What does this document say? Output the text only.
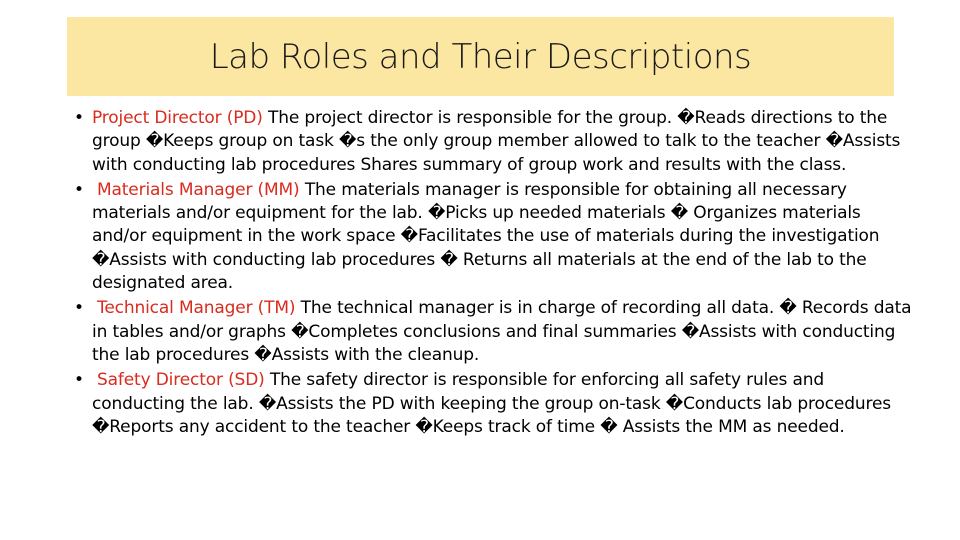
Lab Roles and Their Descriptions
• Project Director (PD) The project director is responsible for the group. �Reads directions to the group �Keeps group on task �s the only group member allowed to talk to the teacher �Assists with conducting lab procedures Shares summary of group work and results with the class.
• Materials Manager (MM) The materials manager is responsible for obtaining all necessary materials and/or equipment for the lab. �Picks up needed materials � Organizes materials and/or equipment in the work space �Facilitates the use of materials during the investigation �Assists with conducting lab procedures � Returns all materials at the end of the lab to the designated area.
• Technical Manager (TM) The technical manager is in charge of recording all data. � Records data in tables and/or graphs �Completes conclusions and final summaries �Assists with conducting the lab procedures �Assists with the cleanup.
• Safety Director (SD) The safety director is responsible for enforcing all safety rules and conducting the lab. �Assists the PD with keeping the group on-task �Conducts lab procedures �Reports any accident to the teacher �Keeps track of time � Assists the MM as needed.
